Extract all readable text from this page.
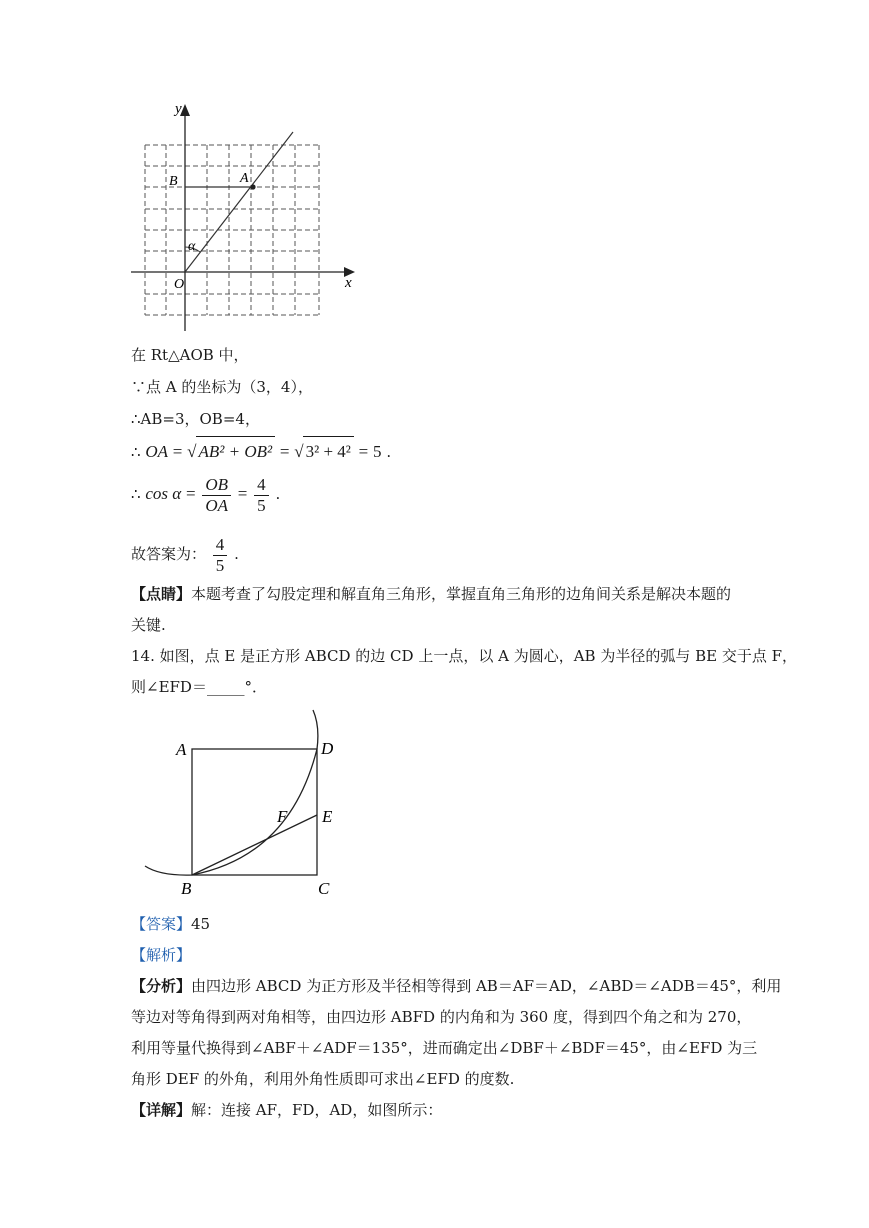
y
x
O
B	A
α
在 Rt△AOB 中，
∵点 A 的坐标为（3，4），
∴AB=3，OB=4，
∴ OA = √ AB² + OB² = √ 3² + 4² = 5 .
∴ $\cos \alpha = \frac{OB}{OA} = \frac{4}{5}$ .
故答案为： $\frac{4}{5}$ .
【点睛】本题考查了勾股定理和解直角三角形，掌握直角三角形的边角间关系是解决本题的
关键.
14. 如图，点 E 是正方形 ABCD 的边 CD 上一点，以 A 为圆心，AB 为半径的弧与 BE 交于点 F，
则∠EFD＝_____°．
A	D
F E
B	C
【答案】45
【解析】
【分析】由四边形 ABCD 为正方形及半径相等得到 AB＝AF＝AD，∠ABD＝∠ADB＝45°，利用
等边对等角得到两对角相等，由四边形 ABFD 的内角和为 360 度，得到四个角之和为 270，
利用等量代换得到∠ABF＋∠ADF＝135°，进而确定出∠DBF＋∠BDF＝45°，由∠EFD 为三
角形 DEF 的外角，利用外角性质即可求出∠EFD 的度数.
【详解】解：连接 AF，FD，AD，如图所示：
